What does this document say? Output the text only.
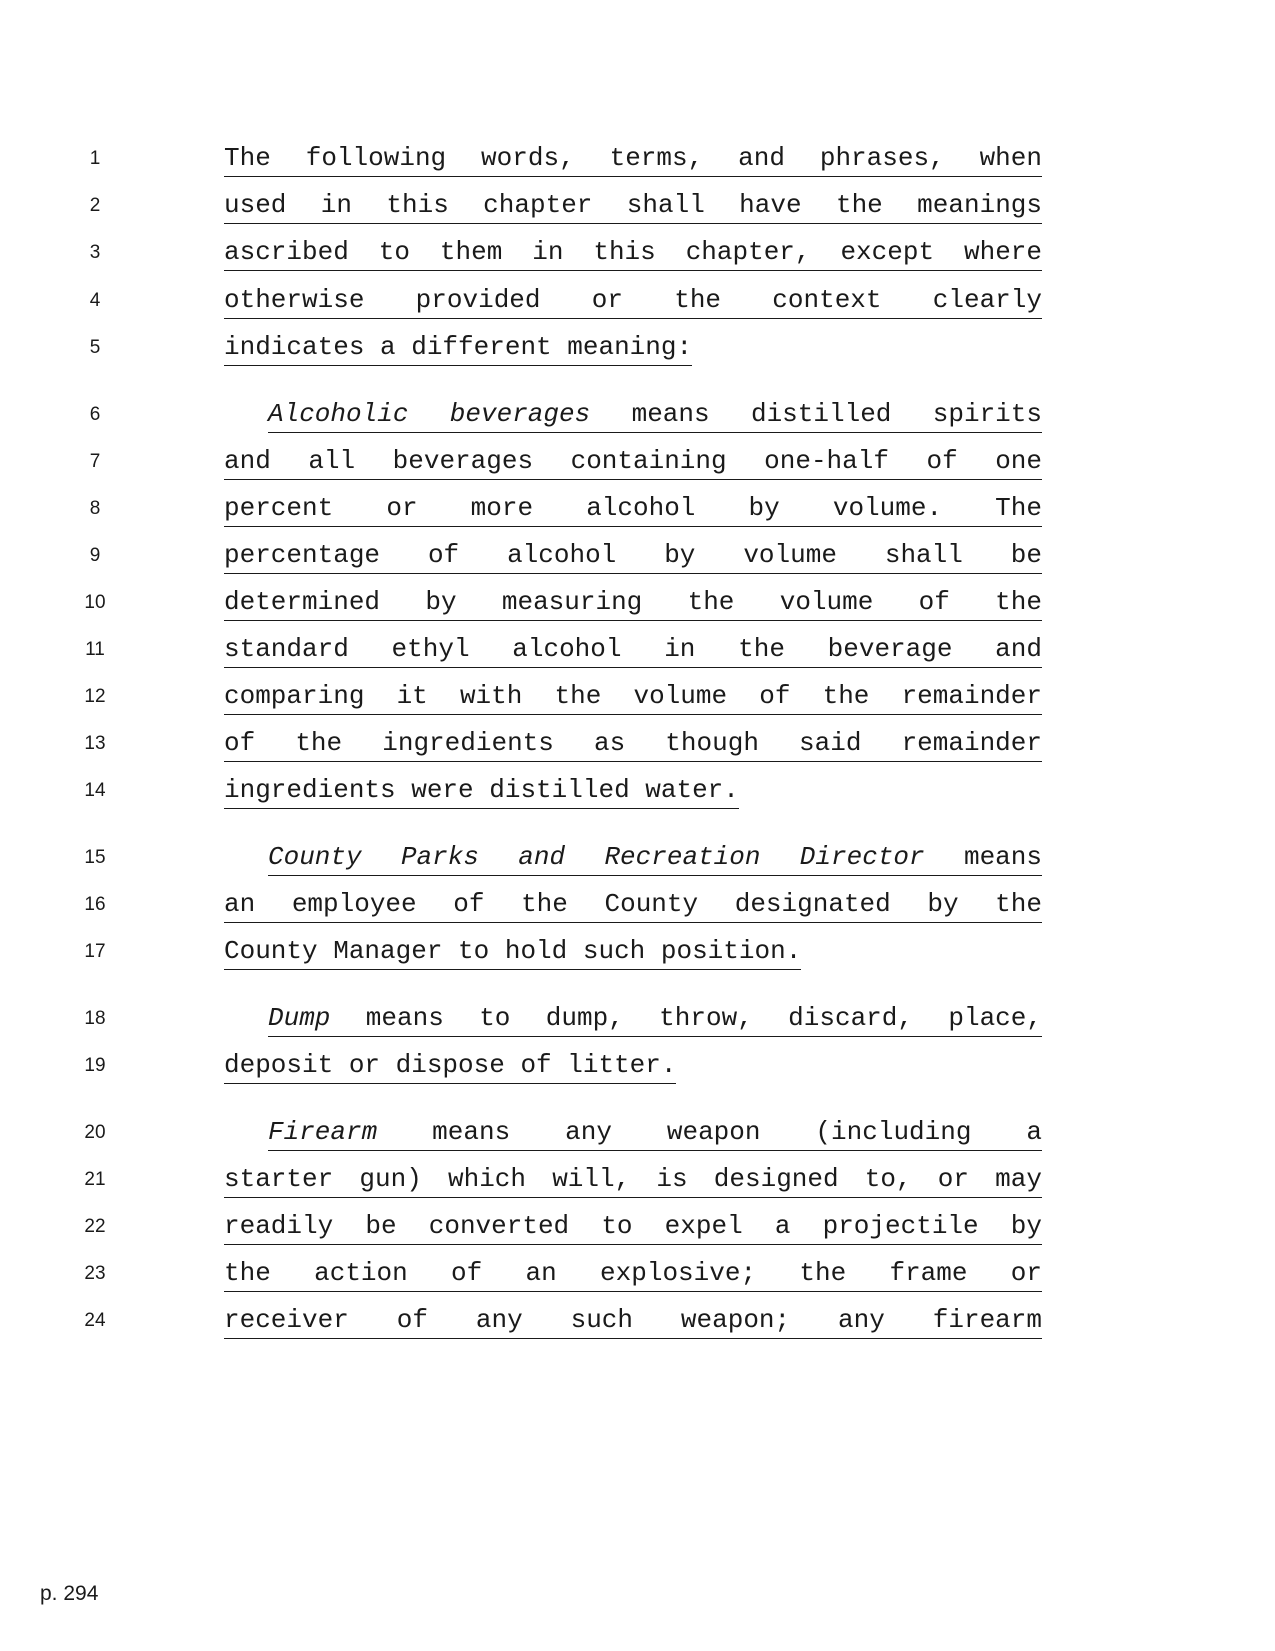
1	The following words, terms, and phrases, when
2	used in this chapter shall have the meanings
3	ascribed to them in this chapter, except where
4	otherwise provided or the context clearly
5	indicates a different meaning:
6	Alcoholic beverages means distilled spirits
7	and all beverages containing one-half of one
8	percent or more alcohol by volume. The
9	percentage of alcohol by volume shall be
10	determined by measuring the volume of the
11	standard ethyl alcohol in the beverage and
12	comparing it with the volume of the remainder
13	of the ingredients as though said remainder
14	ingredients were distilled water.
15	County Parks and Recreation Director means
16	an employee of the County designated by the
17	County Manager to hold such position.
18	Dump means to dump, throw, discard, place,
19	deposit or dispose of litter.
20	Firearm means any weapon (including a
21	starter gun) which will, is designed to, or may
22	readily be converted to expel a projectile by
23	the action of an explosive; the frame or
24	receiver of any such weapon; any firearm
p. 294
